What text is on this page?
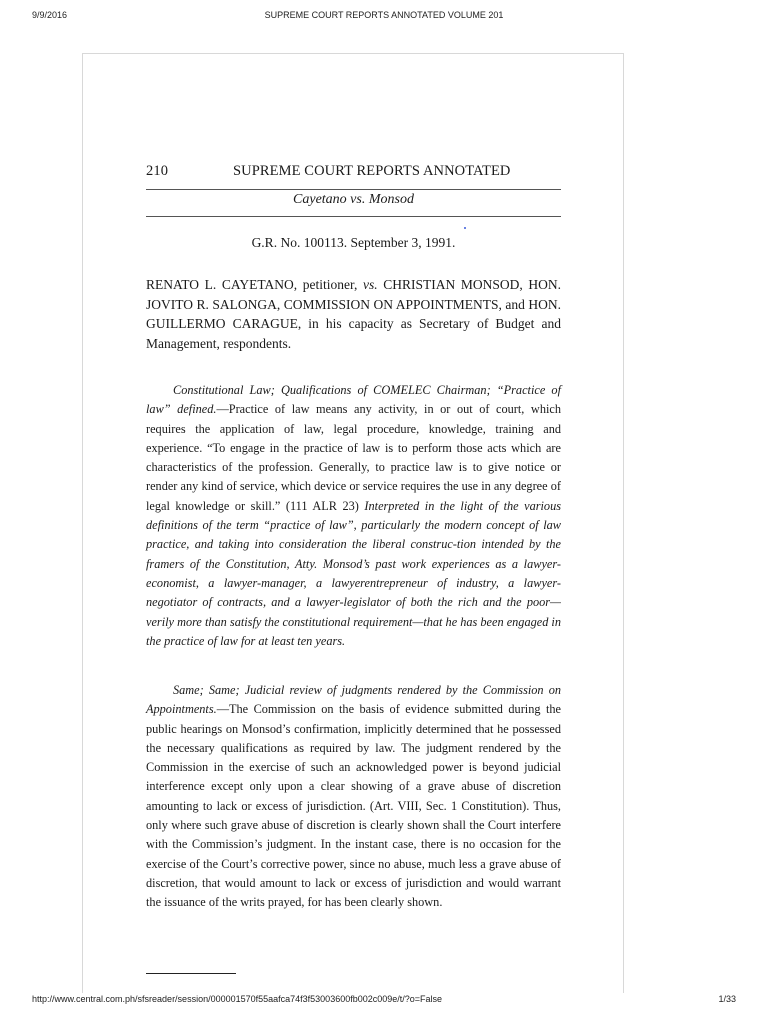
9/9/2016	SUPREME COURT REPORTS ANNOTATED VOLUME 201
210	SUPREME COURT REPORTS ANNOTATED
Cayetano vs. Monsod
G.R. No. 100113. September 3, 1991.
RENATO L. CAYETANO, petitioner, vs. CHRISTIAN MONSOD, HON. JOVITO R. SALONGA, COMMISSION ON APPOINTMENTS, and HON. GUILLERMO CARAGUE, in his capacity as Secretary of Budget and Management, respondents.

Constitutional Law; Qualifications of COMELEC Chairman; “Practice of law” defined.—Practice of law means any activity, in or out of court, which requires the application of law, legal procedure, knowledge, training and experience. “To engage in the practice of law is to perform those acts which are characteristics of the profession. Generally, to practice law is to give notice or render any kind of service, which device or service requires the use in any degree of legal knowledge or skill.” (111 ALR 23) Interpreted in the light of the various definitions of the term “practice of law”, particularly the modern concept of law practice, and taking into consideration the liberal construc-tion intended by the framers of the Constitution, Atty. Monsod’s past work experiences as a lawyer-economist, a lawyer-manager, a lawyerentrepreneur of industry, a lawyer-negotiator of contracts, and a lawyer-legislator of both the rich and the poor—verily more than satisfy the constitutional requirement—that he has been engaged in the practice of law for at least ten years.

Same; Same; Judicial review of judgments rendered by the Commission on Appointments.—The Commission on the basis of evidence submitted during the public hearings on Monsod’s confirmation, implicitly determined that he possessed the necessary qualifications as required by law. The judgment rendered by the Commission in the exercise of such an acknowledged power is beyond judicial interference except only upon a clear showing of a grave abuse of discretion amounting to lack or excess of jurisdiction. (Art. VIII, Sec. 1 Constitution). Thus, only where such grave abuse of discretion is clearly shown shall the Court interfere with the Commission’s judgment. In the instant case, there is no occasion for the exercise of the Court’s corrective power, since no abuse, much less a grave abuse of discretion, that would amount to lack or excess of jurisdiction and would warrant the issuance of the writs prayed, for has been clearly shown.

http://www.central.com.ph/sfsreader/session/000001570f55aafca74f3f53003600fb002c009e/t/?o=False	1/33
